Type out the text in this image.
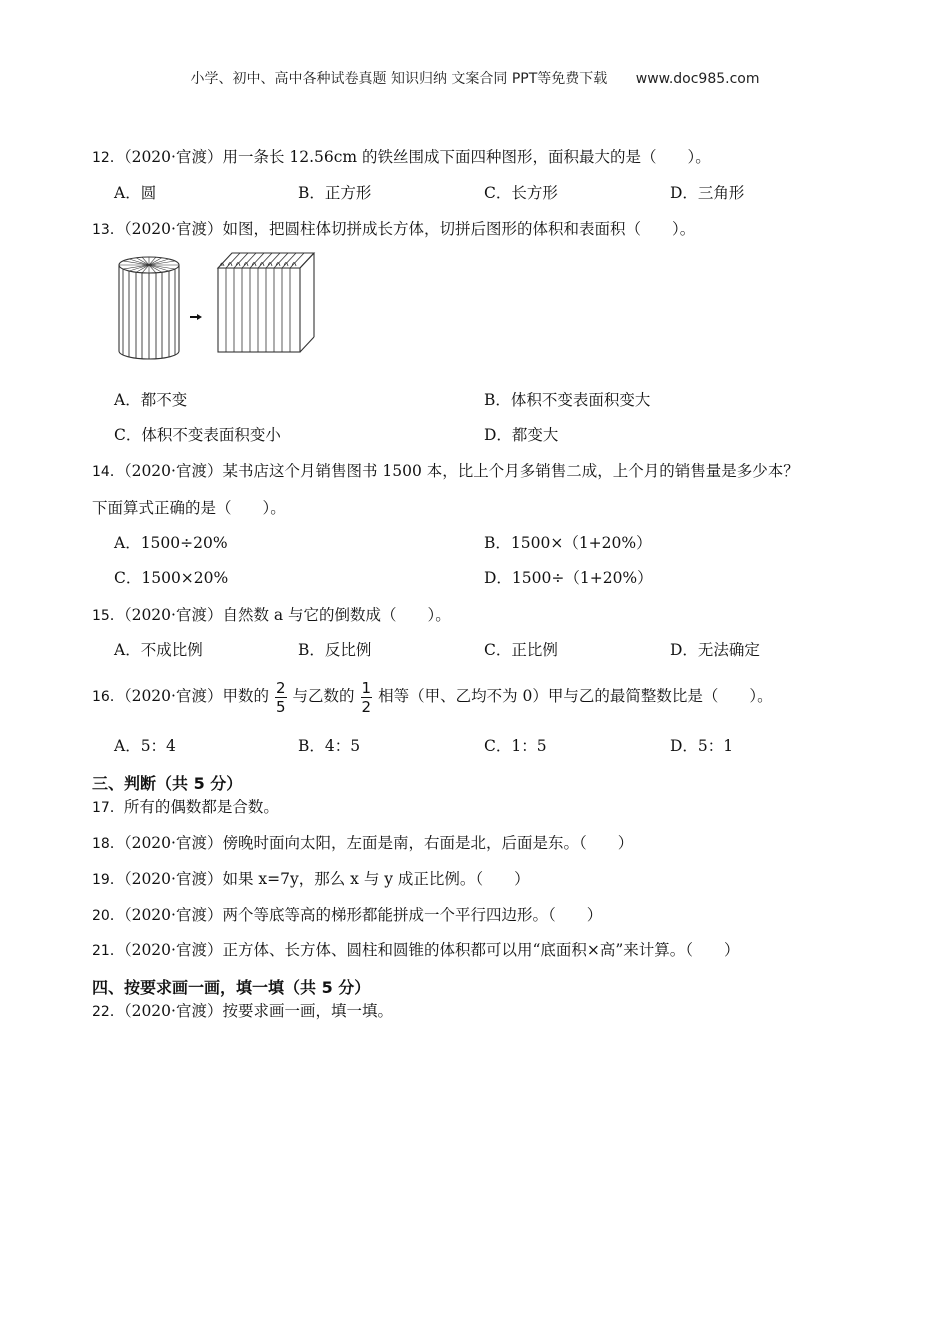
小学、初中、高中各种试卷真题 知识归纳 文案合同 PPT等免费下载 www.doc985.com
12．（2020·官渡）用一条长 12.56cm 的铁丝围成下面四种图形，面积最大的是（　　）。
A．圆	B．正方形	C．长方形	D．三角形
13．（2020·官渡）如图，把圆柱体切拼成长方体，切拼后图形的体积和表面积（　　）。
A．都不变	B．体积不变表面积变大
C．体积不变表面积变小	D．都变大
14．（2020·官渡）某书店这个月销售图书 1500 本，比上个月多销售二成，上个月的销售量是多少本？
下面算式正确的是（　　）。
A．1500÷20%	B．1500×（1+20%）
C．1500×20%	D．1500÷（1+20%）
15．（2020·官渡）自然数 a 与它的倒数成（　　）。
A．不成比例	B．反比例	C．正比例	D．无法确定
16．（2020·官渡）甲数的 $\frac{2}{5}$ 与乙数的 $\frac{1}{2}$ 相等（甲、乙均不为 0）甲与乙的最简整数比是（　　）。
A．5：4	B．4：5	C．1：5	D．5：1
三、判断（共 5 分）
17．所有的偶数都是合数。
18．（2020·官渡）傍晚时面向太阳，左面是南，右面是北，后面是东。（　　）
19．（2020·官渡）如果 x=7y，那么 x 与 y 成正比例。（　　）
20．（2020·官渡）两个等底等高的梯形都能拼成一个平行四边形。（　　）
21．（2020·官渡）正方体、长方体、圆柱和圆锥的体积都可以用“底面积×高”来计算。（　　）
四、按要求画一画，填一填（共 5 分）
22．（2020·官渡）按要求画一画，填一填。
